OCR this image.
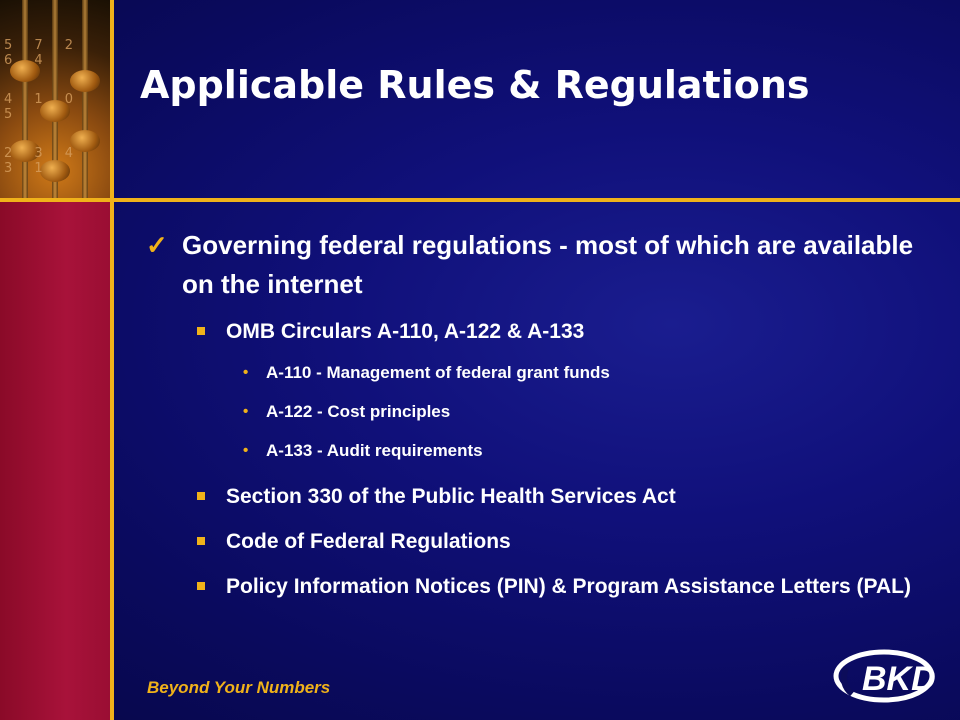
5 7 2 6 4
4 1 0 5
2 3 4 3 1
Applicable Rules & Regulations
✓ Governing federal regulations - most of which are available on the internet
OMB Circulars A-110, A-122 & A-133
• A-110 - Management of federal grant funds
• A-122 - Cost principles
• A-133 - Audit requirements
Section 330 of the Public Health Services Act
Code of Federal Regulations
Policy Information Notices (PIN) & Program Assistance Letters (PAL)
Beyond Your Numbers	BKD
